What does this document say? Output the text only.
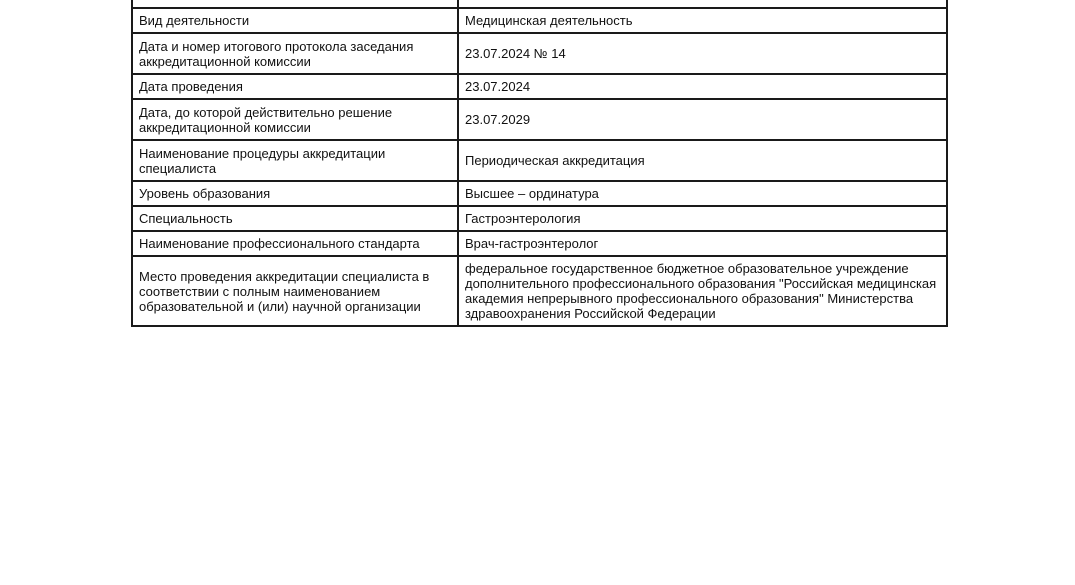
Вид деятельности	Медицинская деятельность
Дата и номер итогового протокола заседания аккредитационной комиссии	23.07.2024 № 14
Дата проведения	23.07.2024
Дата, до которой действительно решение аккредитационной комиссии	23.07.2029
Наименование процедуры аккредитации специалиста	Периодическая аккредитация
Уровень образования	Высшее – ординатура
Специальность	Гастроэнтерология
Наименование профессионального стандарта	Врач-гастроэнтеролог
Место проведения аккредитации специалиста в соответствии с полным наименованием образовательной и (или) научной организации	федеральное государственное бюджетное образовательное учреждение дополнительного профессионального образования "Российская медицинская академия непрерывного профессионального образования" Министерства здравоохранения Российской Федерации
